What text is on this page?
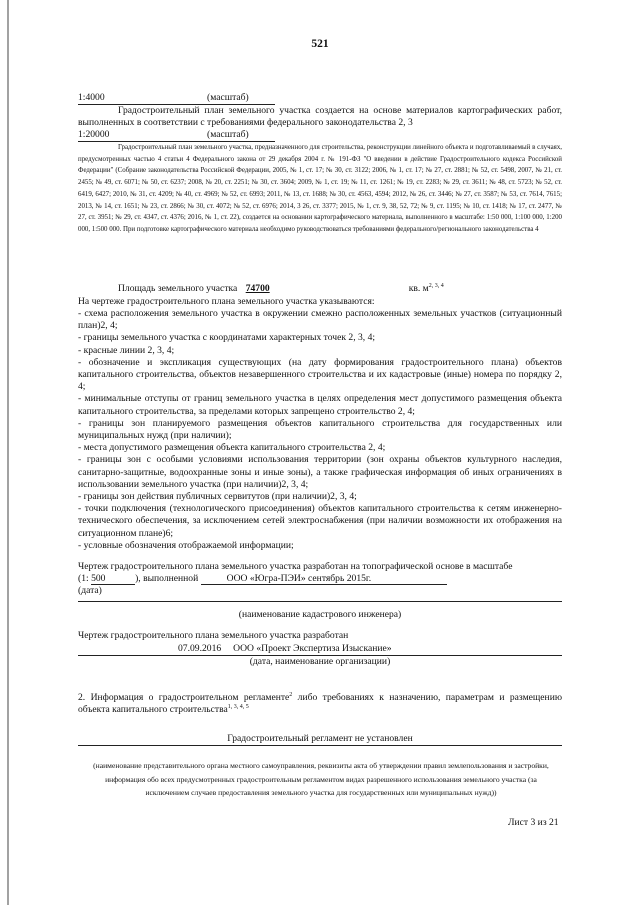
521
1:4000	(масштаб)
Градостроительный план земельного участка создается на основе материалов картографических работ, выполненных в соответствии с требованиями федерального законодательства 2, 3
1:20000	(масштаб)
Градостроительный план земельного участка, предназначенного для строительства, реконструкции линейного объекта и подготавливаемый в случаях, предусмотренных частью 4 статьи 4 Федерального закона от 29 декабря 2004 г. № 191-ФЗ "О введении в действие Градостроительного кодекса Российской Федерации" (Собрание законодательства Российской Федерации, 2005, № 1, ст. 17; № 30, ст. 3122; 2006, № 1, ст. 17; № 27, ст. 2881; № 52, ст. 5498, 2007, № 21, ст. 2455; № 49, ст. 6071; № 50, ст. 6237; 2008, № 20, ст. 2251; № 30, ст. 3604; 2009, № 1, ст. 19; № 11, ст. 1261; № 19, ст. 2283; № 29, ст. 3611; № 48, ст. 5723; № 52, ст. 6419, 6427; 2010, № 31, ст. 4209; № 40, ст. 4969; № 52, ст. 6993; 2011, № 13, ст. 1688; № 30, ст. 4563, 4594; 2012, № 26, ст. 3446; № 27, ст. 3587; № 53, ст. 7614, 7615; 2013, № 14, ст. 1651; № 23, ст. 2866; № 30, ст. 4072; № 52, ст. 6976; 2014, 3 26, ст. 3377; 2015, № 1, ст. 9, 38, 52, 72; № 9, ст. 1195; № 10, ст. 1418; № 17, ст. 2477, № 27, ст. 3951; № 29, ст. 4347, ст. 4376; 2016, № 1, ст. 22), создается на основании картографического материала, выполненного в масштабе: 1:50 000, 1:100 000, 1:200 000, 1:500 000. При подготовке картографического материала необходимо руководствоваться требованиями федерального/регионального законодательства 4
Площадь земельного участка 74700	кв. $м^{2, 3, 4}$
На чертеже градостроительного плана земельного участка указываются:
- схема расположения земельного участка в окружении смежно расположенных земельных участков (ситуационный план)2, 4;
- границы земельного участка с координатами характерных точек 2, 3, 4;
- красные линии 2, 3, 4;
- обозначение и экспликация существующих (на дату формирования градостроительного плана) объектов капитального строительства, объектов незавершенного строительства и их кадастровые (иные) номера по порядку 2, 4;
- минимальные отступы от границ земельного участка в целях определения мест допустимого размещения объекта капитального строительства, за пределами которых запрещено строительство 2, 4;
- границы зон планируемого размещения объектов капитального строительства для государственных или муниципальных нужд (при наличии);
- места допустимого размещения объекта капитального строительства 2, 4;
- границы зон с особыми условиями использования территории (зон охраны объектов культурного наследия, санитарно-защитные, водоохранные зоны и иные зоны), а также графическая информация об иных ограничениях в использовании земельного участка (при наличии)2, 3, 4;
- границы зон действия публичных сервитутов (при наличии)2, 3, 4;
- точки подключения (технологического присоединения) объектов капитального строительства к сетям инженерно-технического обеспечения, за исключением сетей электроснабжения (при наличии возможности их отображения на ситуационном плане)6;
- условные обозначения отображаемой информации;
Чертеж градостроительного плана земельного участка разработан на топографической основе в масштабе
(1: 500	), выполненной	ООО «Югра-ПЭИ» сентябрь 2015г.
(дата)
(наименование кадастрового инженера)
Чертеж градостроительного плана земельного участка разработан
07.09.2016     ООО «Проект Экспертиза Изыскание»
(дата, наименование организации)
2. Информация о градостроительном регламенте$^2$ либо требованиях к назначению, параметрам и размещению объекта капитального строительства$^{1, 3, 4, 5}$
Градостроительный регламент не установлен
(наименование представительного органа местного самоуправления, реквизиты акта об утверждении правил землепользования и застройки, информация обо всех предусмотренных градостроительным регламентом видах разрешенного использования земельного участка (за исключением случаев предоставления земельного участка для государственных или муниципальных нужд))
Лист 3 из 21
